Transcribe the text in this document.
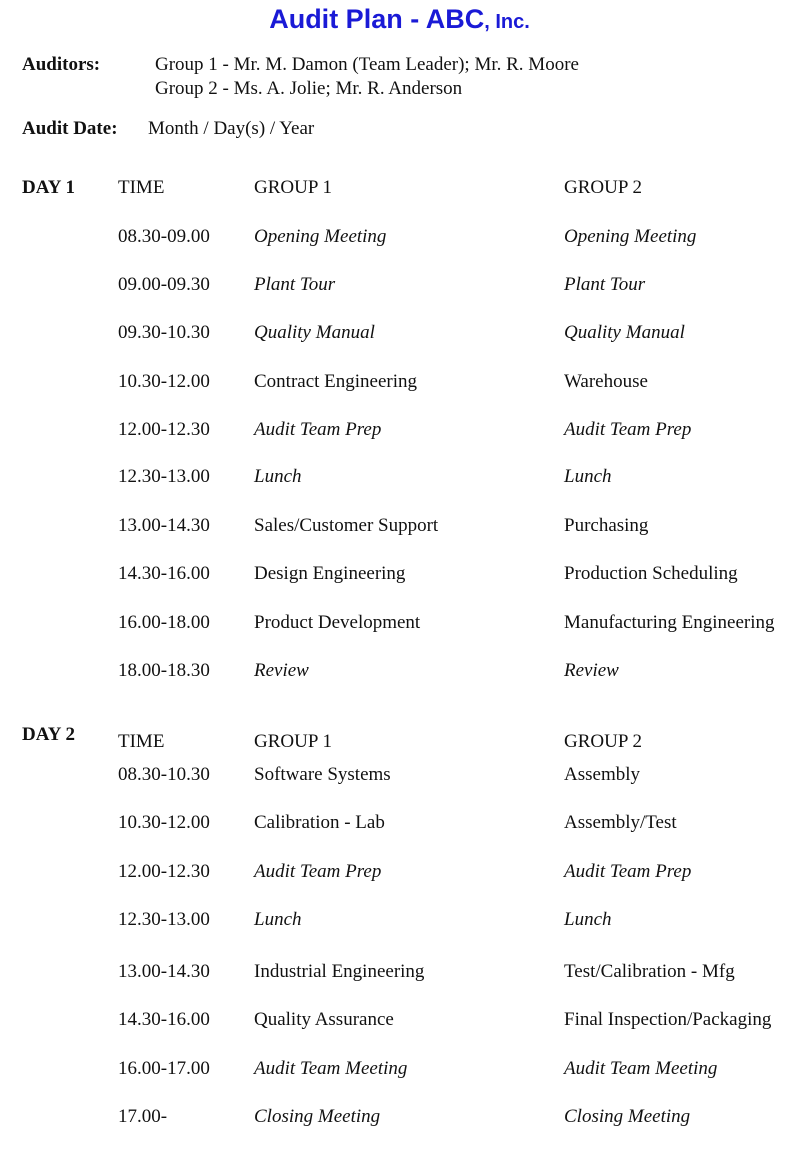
Audit Plan - ABC, Inc.
Auditors:	Group 1 - Mr. M. Damon (Team Leader); Mr. R. Moore
Group 2 - Ms. A. Jolie; Mr. R. Anderson
Audit Date: Month / Day(s) / Year
DAY 1 TIME	GROUP 1	GROUP 2
08.30-09.00 Opening Meeting	Opening Meeting
09.00-09.30 Plant Tour	Plant Tour
09.30-10.30 Quality Manual	Quality Manual
10.30-12.00 Contract Engineering	Warehouse
12.00-12.30 Audit Team Prep	Audit Team Prep
12.30-13.00 Lunch	Lunch
13.00-14.30 Sales/Customer Support	Purchasing
14.30-16.00 Design Engineering	Production Scheduling
16.00-18.00 Product Development	Manufacturing Engineering
18.00-18.30 Review	Review
DAY 2 TIME	GROUP 1	GROUP 2
08.30-10.30 Software Systems	Assembly
10.30-12.00 Calibration - Lab	Assembly/Test
12.00-12.30 Audit Team Prep	Audit Team Prep
12.30-13.00 Lunch	Lunch
13.00-14.30 Industrial Engineering	Test/Calibration - Mfg
14.30-16.00 Quality Assurance	Final Inspection/Packaging
16.00-17.00 Audit Team Meeting	Audit Team Meeting
17.00-	Closing Meeting	Closing Meeting
